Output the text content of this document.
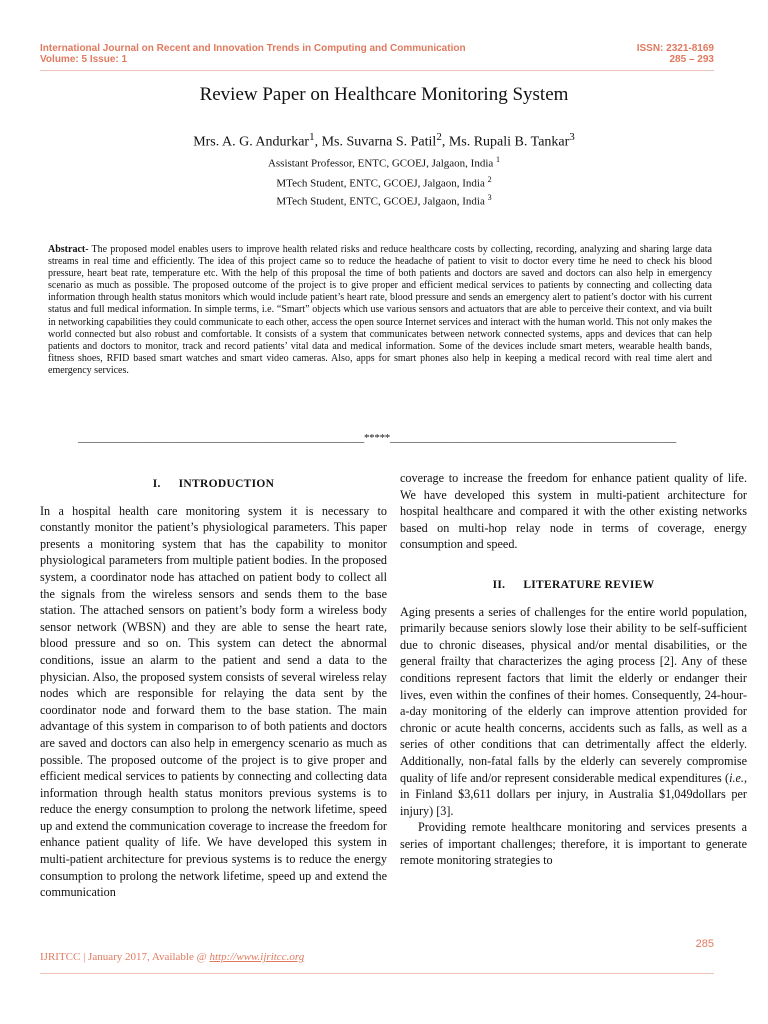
International Journal on Recent and Innovation Trends in Computing and Communication
Volume: 5 Issue: 1
ISSN: 2321-8169
285 – 293
Review Paper on Healthcare Monitoring System
Mrs. A. G. Andurkar$^1$, Ms. Suvarna S. Patil$^2$, Ms. Rupali B. Tankar$^3$
Assistant Professor, ENTC, GCOEJ, Jalgaon, India $^1$
MTech Student, ENTC, GCOEJ, Jalgaon, India $^2$
MTech Student, ENTC, GCOEJ, Jalgaon, India $^3$

Abstract- The proposed model enables users to improve health related risks and reduce healthcare costs by collecting, recording, analyzing and sharing large data streams in real time and efficiently. The idea of this project came so to reduce the headache of patient to visit to doctor every time he need to check his blood pressure, heart beat rate, temperature etc. With the help of this proposal the time of both patients and doctors are saved and doctors can also help in emergency scenario as much as possible. The proposed outcome of the project is to give proper and efficient medical services to patients by connecting and collecting data information through health status monitors which would include patient’s heart rate, blood pressure and sends an emergency alert to patient’s doctor with his current status and full medical information. In simple terms, i.e. “Smart” objects which use various sensors and actuators that are able to perceive their context, and via built in networking capabilities they could communicate to each other, access the open source Internet services and interact with the human world. This not only makes the world connected but also robust and comfortable. It consists of a system that communicates between network connected systems, apps and devices that can help patients and doctors to monitor, track and record patients’ vital data and medical information. Some of the devices include smart meters, wearable health bands, fitness shoes, RFID based smart watches and smart video cameras. Also, apps for smart phones also help in keeping a medical record with real time alert and emergency services.

_______________________________________________________*****_______________________________________________________
I. INTRODUCTION

In a hospital health care monitoring system it is necessary to constantly monitor the patient’s physiological parameters. This paper presents a monitoring system that has the capability to monitor physiological parameters from multiple patient bodies. In the proposed system, a coordinator node has attached on patient body to collect all the signals from the wireless sensors and sends them to the base station. The attached sensors on patient’s body form a wireless body sensor network (WBSN) and they are able to sense the heart rate, blood pressure and so on. This system can detect the abnormal conditions, issue an alarm to the patient and send a data to the physician. Also, the proposed system consists of several wireless relay nodes which are responsible for relaying the data sent by the coordinator node and forward them to the base station. The main advantage of this system in comparison to of both patients and doctors are saved and doctors can also help in emergency scenario as much as possible. The proposed outcome of the project is to give proper and efficient medical services to patients by connecting and collecting data information through health status monitors previous systems is to reduce the energy consumption to prolong the network lifetime, speed up and extend the communication coverage to increase the freedom for enhance patient quality of life. We have developed this system in multi-patient architecture for previous systems is to reduce the energy consumption to prolong the network lifetime, speed up and extend the communication

coverage to increase the freedom for enhance patient quality of life. We have developed this system in multi-patient architecture for hospital healthcare and compared it with the other existing networks based on multi-hop relay node in terms of coverage, energy consumption and speed.

II. LITERATURE REVIEW

Aging presents a series of challenges for the entire world population, primarily because seniors slowly lose their ability to be self-sufficient due to chronic diseases, physical and/or mental disabilities, or the general frailty that characterizes the aging process [2]. Any of these conditions represent factors that limit the elderly or endanger their lives, even within the confines of their homes. Consequently, 24-hour-a-day monitoring of the elderly can improve attention provided for chronic or acute health concerns, accidents such as falls, as well as a series of other conditions that can detrimentally affect the elderly. Additionally, non-fatal falls by the elderly can severely compromise quality of life and/or represent considerable medical expenditures (i.e., in Finland $3,611 dollars per injury, in Australia $1,049dollars per injury) [3].

Providing remote healthcare monitoring and services presents a series of important challenges; therefore, it is important to generate remote monitoring strategies to

285
IJRITCC | January 2017, Available @ http://www.ijritcc.org
